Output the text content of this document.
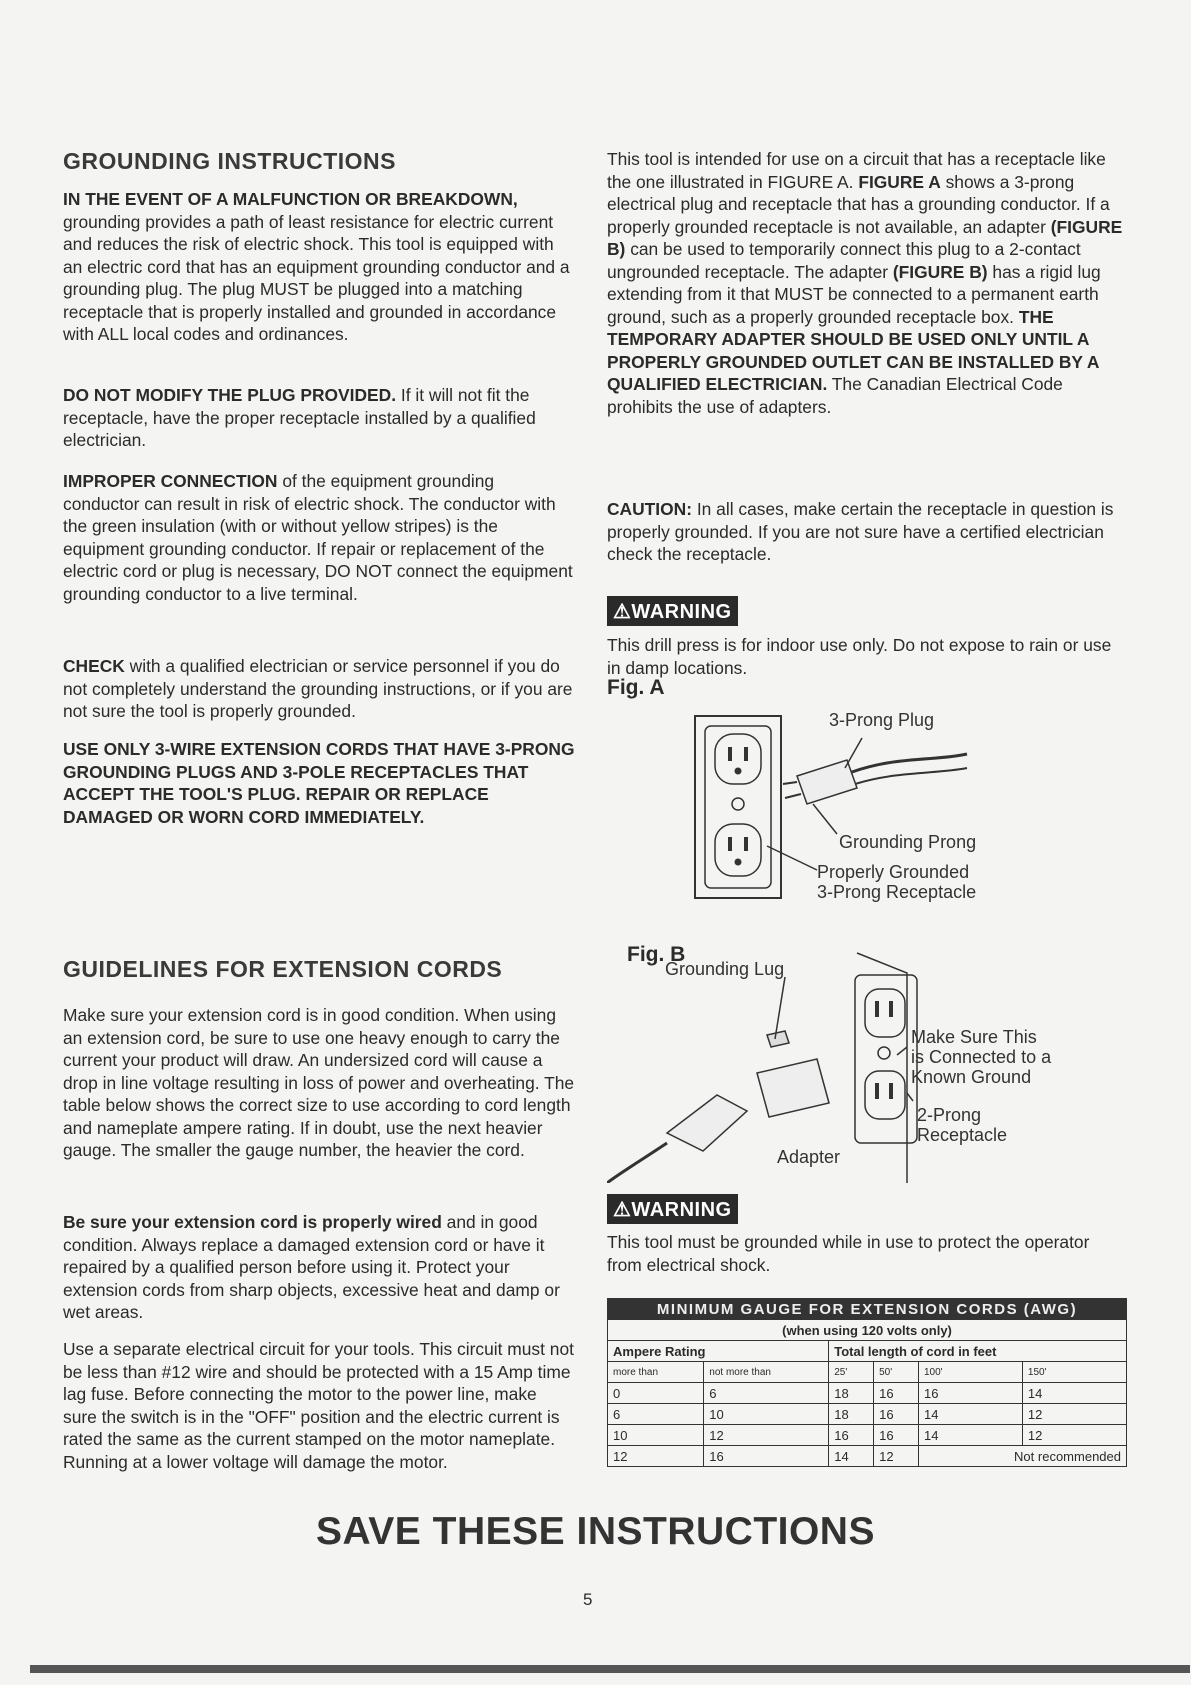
GROUNDING INSTRUCTIONS

IN THE EVENT OF A MALFUNCTION OR BREAKDOWN, grounding provides a path of least resistance for electric current and reduces the risk of electric shock. This tool is equipped with an electric cord that has an equipment grounding conductor and a grounding plug. The plug MUST be plugged into a matching receptacle that is properly installed and grounded in accordance with ALL local codes and ordinances.

DO NOT MODIFY THE PLUG PROVIDED. If it will not fit the receptacle, have the proper receptacle installed by a qualified electrician.

IMPROPER CONNECTION of the equipment grounding conductor can result in risk of electric shock. The conductor with the green insulation (with or without yellow stripes) is the equipment grounding conductor. If repair or replacement of the electric cord or plug is necessary, DO NOT connect the equipment grounding conductor to a live terminal.

CHECK with a qualified electrician or service personnel if you do not completely understand the grounding instructions, or if you are not sure the tool is properly grounded.

USE ONLY 3-WIRE EXTENSION CORDS THAT HAVE 3-PRONG GROUNDING PLUGS AND 3-POLE RECEPTACLES THAT ACCEPT THE TOOL'S PLUG. REPAIR OR REPLACE DAMAGED OR WORN CORD IMMEDIATELY.

GUIDELINES FOR EXTENSION CORDS

Make sure your extension cord is in good condition. When using an extension cord, be sure to use one heavy enough to carry the current your product will draw. An undersized cord will cause a drop in line voltage resulting in loss of power and overheating. The table below shows the correct size to use according to cord length and nameplate ampere rating. If in doubt, use the next heavier gauge. The smaller the gauge number, the heavier the cord.

Be sure your extension cord is properly wired and in good condition. Always replace a damaged extension cord or have it repaired by a qualified person before using it. Protect your extension cords from sharp objects, excessive heat and damp or wet areas.

Use a separate electrical circuit for your tools. This circuit must not be less than #12 wire and should be protected with a 15 Amp time lag fuse. Before connecting the motor to the power line, make sure the switch is in the "OFF" position and the electric current is rated the same as the current stamped on the motor nameplate. Running at a lower voltage will damage the motor.

This tool is intended for use on a circuit that has a receptacle like the one illustrated in FIGURE A. FIGURE A shows a 3-prong electrical plug and receptacle that has a grounding conductor. If a properly grounded receptacle is not available, an adapter (FIGURE B) can be used to temporarily connect this plug to a 2-contact ungrounded receptacle. The adapter (FIGURE B) has a rigid lug extending from it that MUST be connected to a permanent earth ground, such as a properly grounded receptacle box. THE TEMPORARY ADAPTER SHOULD BE USED ONLY UNTIL A PROPERLY GROUNDED OUTLET CAN BE INSTALLED BY A QUALIFIED ELECTRICIAN. The Canadian Electrical Code prohibits the use of adapters.

CAUTION: In all cases, make certain the receptacle in question is properly grounded. If you are not sure have a certified electrician check the receptacle.

⚠WARNING

This drill press is for indoor use only. Do not expose to rain or use in damp locations.

Fig. A
3-Prong Plug
Grounding Prong
Properly Grounded
3-Prong Receptacle
Fig. B
Grounding Lug
Make Sure This
is Connected to a
Known Ground
2-Prong
Receptacle
Adapter
⚠WARNING

This tool must be grounded while in use to protect the operator from electrical shock.

MINIMUM GAUGE FOR EXTENSION CORDS (AWG)					
(when using 120 volts only)					
Ampere Rating		Total length of cord in feet			
more than	not more than	25'	50'	100'	150'
0	6	18	16	16	14
6	10	18	16	14	12
10	12	16	16	14	12
12	16	14	12	Not recommended	
SAVE THESE INSTRUCTIONS
5
